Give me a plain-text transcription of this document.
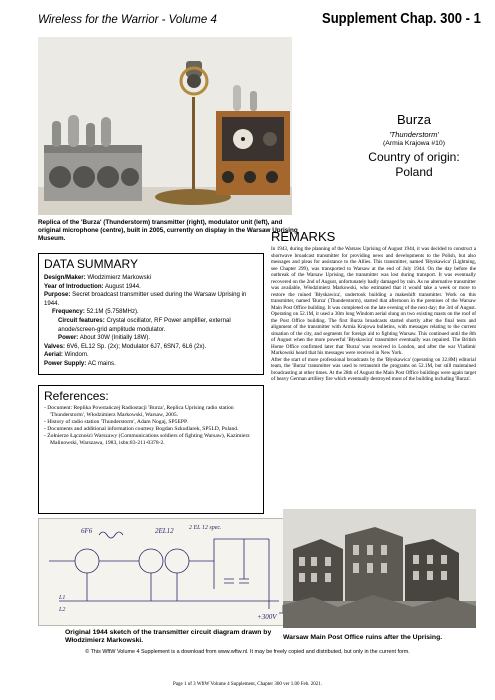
Wireless for the Warrior - Volume 4	Supplement Chap. 300 - 1
Replica of the 'Burza' (Thunderstorm) transmitter (right), modulator unit (left), and original microphone (centre), built in 2005, currently on display in the Warsaw Uprising Museum.
Burza
'Thunderstorm'
(Armia Krajowa #10)
Country of origin:
Poland
REMARKS

In 1943, during the planning of the Warsaw Uprising of August 1944, it was decided to construct a shortwave broadcast transmitter for providing news and developments to the Polish, but also messages and pleas for assistance to the Allies. This transmitter, named 'Błyskawica' (Lightning, see Chapter 299), was transported to Warsaw at the end of July 1944. On the day before the outbreak of the Warsaw Uprising, the transmitter was lost during transport. It was eventually recovered on the 2nd of August, unfortunately badly damaged by rain. As no alternative transmitter was available, Włodzimierz Markowski, who estimated that it would take a week or more to restore the ruined 'Błyskawica', undertook building a makeshift transmitter. Work on this transmitter, named 'Burza' (Thunderstorm), started that afternoon in the premises of the Warsaw Main Post Office building. It was completed on the late evening of the next day; the 3rd of August. Operating on 52.1M, it used a 30m long Windom aerial slung on two existing masts on the roof of the Post Office building. The first Burza broadcasts started shortly after the final tests and alignment of the transmitter with Armia Krajowa bulletins, with messages relating to the current situation of the city, and segments for foreign aid to fighting Warsaw. This continued until the 8th of August when the more powerful 'Błyskawica' transmitter eventually was repaired. The British Home Office confirmed later that 'Burza' was received in London, and after the war Vladimir Markowski heard that his messages were received in New York.

After the start of more professional broadcasts by the 'Błyskawica' (operating on 32.8M) editorial team, the 'Burza' transmitter was used to retransmit the programs on 52.1M, but still maintained broadcasting at other times. At the 28th of August the Main Post Office buildings were again target of heavy German artillery fire which eventually destroyed most of the building including 'Burza'.

DATA SUMMARY
Design/Maker: Włodzimierz Markowski
Year of Introduction: August 1944.
Purpose: Secret broadcast transmitter used during the Warsaw Uprising in 1944.
Frequency: 52.1M (5.758MHz).
Circuit features: Crystal oscillator, RF Power amplifier, external anode/screen-grid amplitude modulator.
Power: About 30W (Initially 18W).
Valves: 6V6, EL12 Sp. (2x); Modulator 6J7, 6SN7, 6L6 (2x).
Aerial: Windom.
Power Supply: AC mains.
References:
- Document: Replika Powstańczej Radiostacji 'Burza', Replica Uprising radio station 'Thunderstorm', Włodzimierz Markowski, Warsaw, 2005.
- History of radio station 'Thunderstorm', Adam Nogaj, SP5EPP.
- Documents and additional information courtesy Bogdan Szkudlarek, SP5LD, Poland.
- Żołnierze Łączności Warszawy (Communications soldiers of fighting Warsaw), Kazimierz Malinowski, Warszawa, 1983, isbn:83-211-0378-2.
6F6	2EL12
L1
L2
+300V
2 EL 12 spec.
Original 1944 sketch of the transmitter circuit diagram drawn by Włodzimierz Markowski.	Warsaw Main Post Office ruins after the Uprising.
© This WftW Volume 4 Supplement is a download from www.wftw.nl. It may be freely copied and distributed, but only in the current form.
Page 1 of 3 WftW Volume 4 Supplement, Chapter 300 ver 1.00 Feb. 2021.
